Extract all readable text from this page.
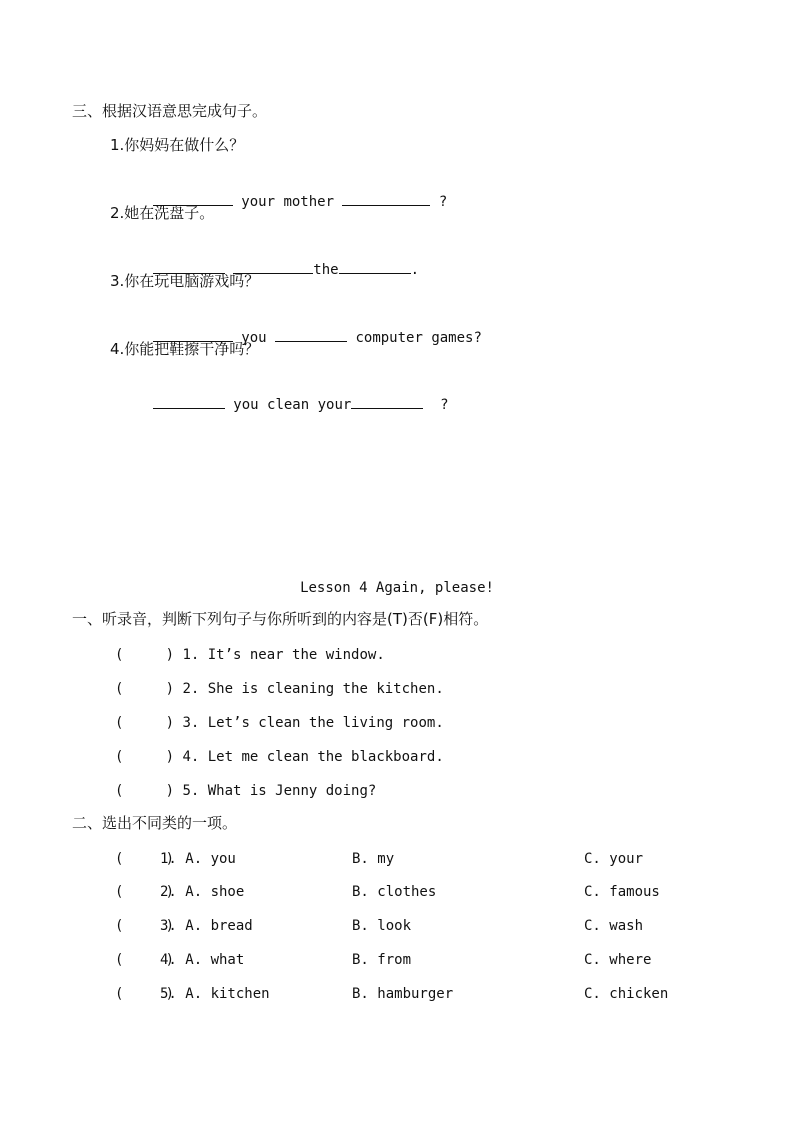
三、根据汉语意思完成句子。
1.你妈妈在做什么？

your mother	?

2.她在洗盘子。

the	.

3.你在玩电脑游戏吗？

you	computer games?

4.你能把鞋擦干净吗？

you clean your	?

Lesson 4 Again, please!
一、听录音，判断下列句子与你所听到的内容是(T)否(F)相符。
(     ) 1. It’s near the window.
(     ) 2. She is cleaning the kitchen.
(     ) 3. Let’s clean the living room.
(     ) 4. Let me clean the blackboard.
(     ) 5. What is Jenny doing?
二、选出不同类的一项。
(     )
1. A. you	B. my	C. your
(     )
2. A. shoe	B. clothes	C. famous
(     )
3. A. bread	B. look	C. wash
(     )
4. A. what	B. from	C. where
(     )
5. A. kitchen	B. hamburger	C. chicken
